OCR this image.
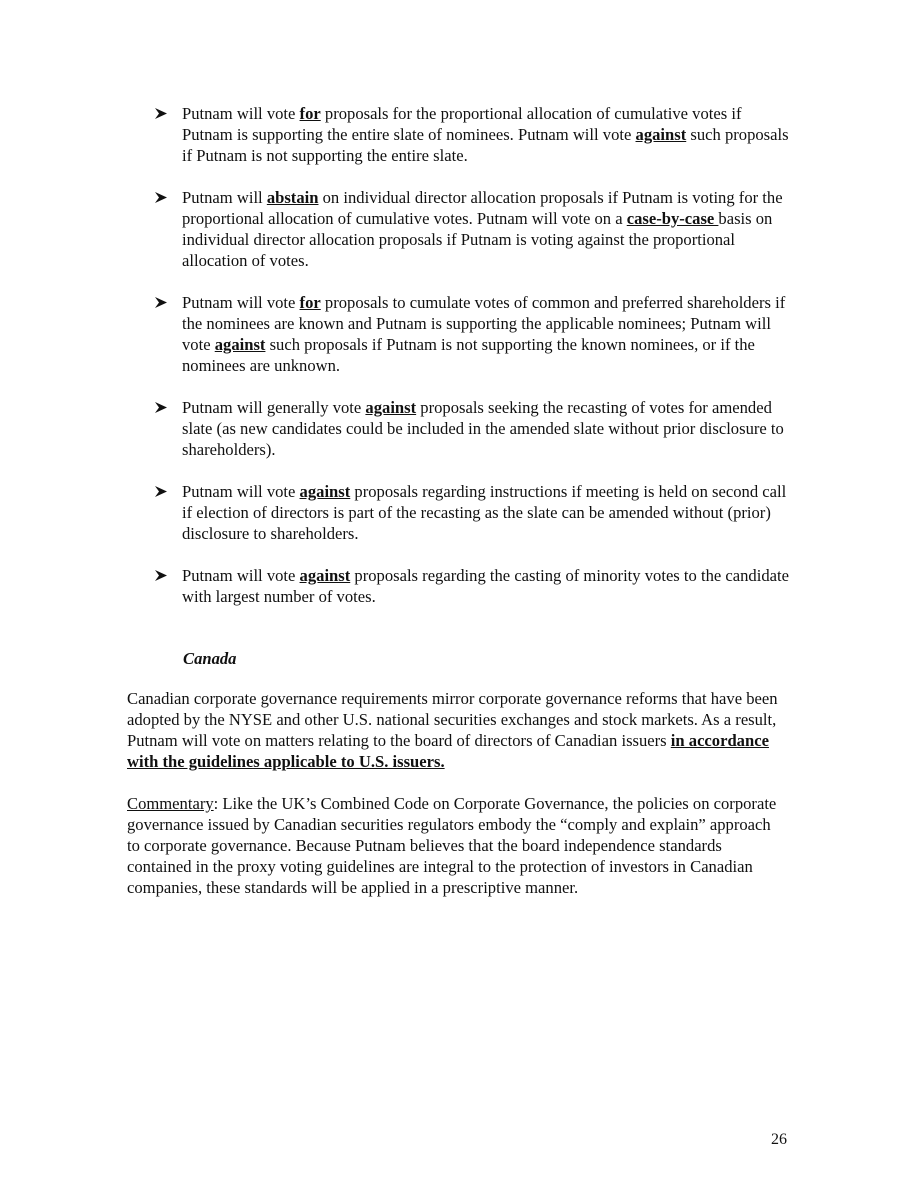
Putnam will vote for proposals for the proportional allocation of cumulative votes if Putnam is supporting the entire slate of nominees. Putnam will vote against such proposals if Putnam is not supporting the entire slate.
Putnam will abstain on individual director allocation proposals if Putnam is voting for the proportional allocation of cumulative votes. Putnam will vote on a case-by-case basis on individual director allocation proposals if Putnam is voting against the proportional allocation of votes.
Putnam will vote for proposals to cumulate votes of common and preferred shareholders if the nominees are known and Putnam is supporting the applicable nominees; Putnam will vote against such proposals if Putnam is not supporting the known nominees, or if the nominees are unknown.
Putnam will generally vote against proposals seeking the recasting of votes for amended slate (as new candidates could be included in the amended slate without prior disclosure to shareholders).
Putnam will vote against proposals regarding instructions if meeting is held on second call if election of directors is part of the recasting as the slate can be amended without (prior) disclosure to shareholders.
Putnam will vote against proposals regarding the casting of minority votes to the candidate with largest number of votes.
Canada

Canadian corporate governance requirements mirror corporate governance reforms that have been adopted by the NYSE and other U.S. national securities exchanges and stock markets. As a result, Putnam will vote on matters relating to the board of directors of Canadian issuers in accordance with the guidelines applicable to U.S. issuers.

Commentary: Like the UK’s Combined Code on Corporate Governance, the policies on corporate governance issued by Canadian securities regulators embody the “comply and explain” approach to corporate governance. Because Putnam believes that the board independence standards contained in the proxy voting guidelines are integral to the protection of investors in Canadian companies, these standards will be applied in a prescriptive manner.

26
